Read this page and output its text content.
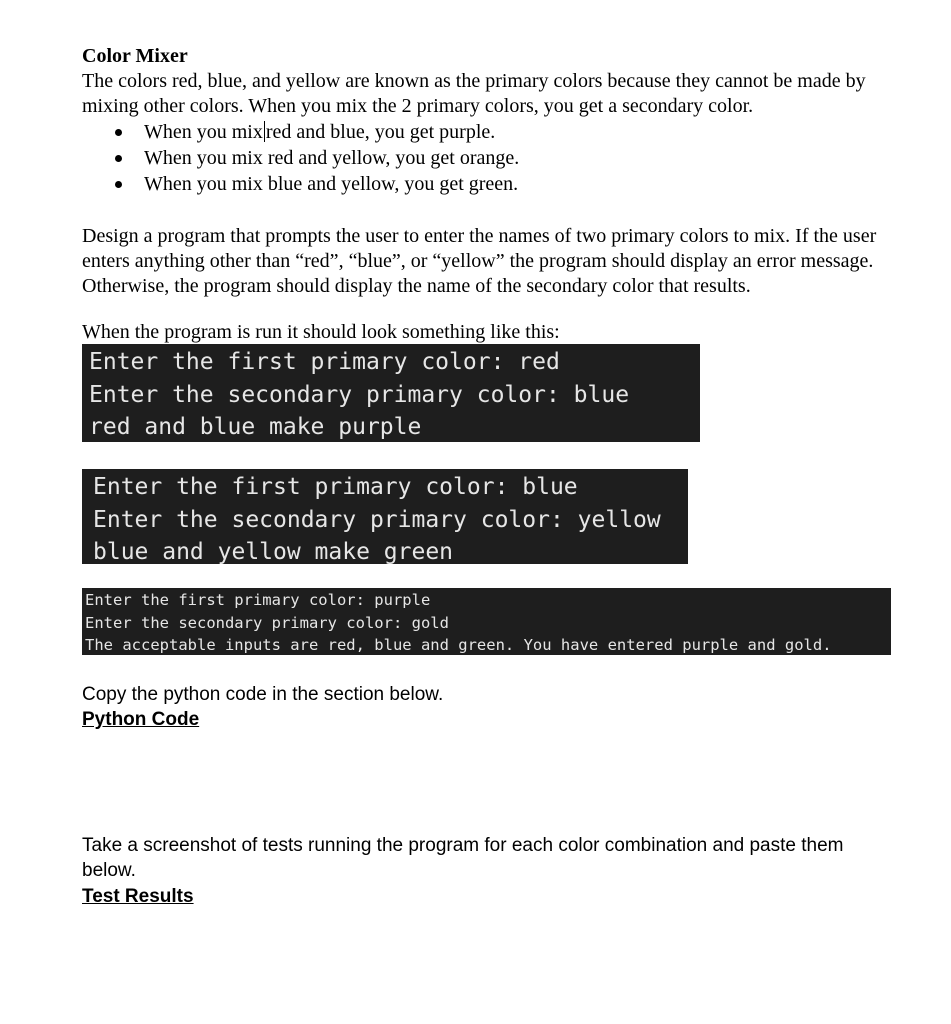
Color Mixer

The colors red, blue, and yellow are known as the primary colors because they cannot be made by mixing other colors. When you mix the 2 primary colors, you get a secondary color.

When you mix red and blue, you get purple.
When you mix red and yellow, you get orange.
When you mix blue and yellow, you get green.

Design a program that prompts the user to enter the names of two primary colors to mix. If the user enters anything other than “red”, “blue”, or “yellow” the program should display an error message. Otherwise, the program should display the name of the secondary color that results.

When the program is run it should look something like this:

Enter the first primary color: red
Enter the secondary primary color: blue
red and blue make purple
Enter the first primary color: blue
Enter the secondary primary color: yellow
blue and yellow make green
Enter the first primary color: purple
Enter the secondary primary color: gold
The acceptable inputs are red, blue and green. You have entered purple and gold.

Copy the python code in the section below.

Python Code

Take a screenshot of tests running the program for each color combination and paste them below.

Test Results
